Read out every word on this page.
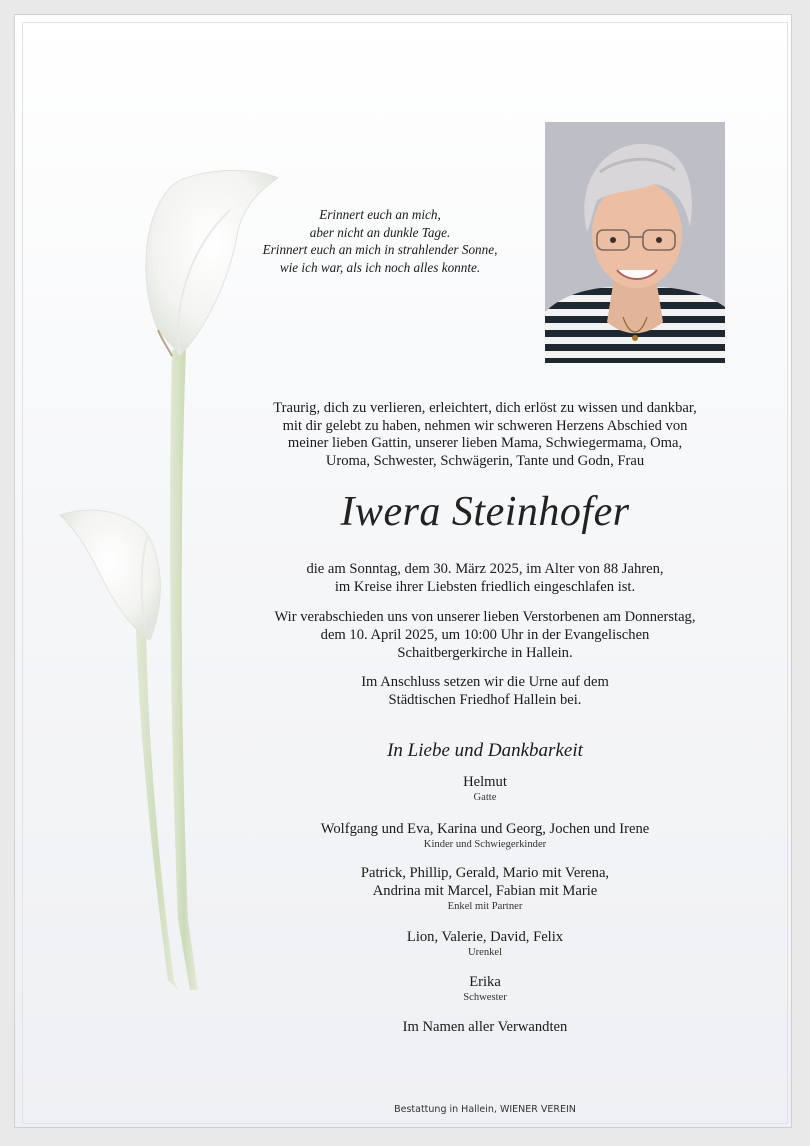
Erinnert euch an mich,
aber nicht an dunkle Tage.
Erinnert euch an mich in strahlender Sonne,
wie ich war, als ich noch alles konnte.
Traurig, dich zu verlieren, erleichtert, dich erlöst zu wissen und dankbar,
mit dir gelebt zu haben, nehmen wir schweren Herzens Abschied von
meiner lieben Gattin, unserer lieben Mama, Schwiegermama, Oma,
Uroma, Schwester, Schwägerin, Tante und Godn, Frau
Iwera Steinhofer
die am Sonntag, dem 30. März 2025, im Alter von 88 Jahren,
im Kreise ihrer Liebsten friedlich eingeschlafen ist.
Wir verabschieden uns von unserer lieben Verstorbenen am Donnerstag,
dem 10. April 2025, um 10:00 Uhr in der Evangelischen
Schaitbergerkirche in Hallein.
Im Anschluss setzen wir die Urne auf dem
Städtischen Friedhof Hallein bei.
In Liebe und Dankbarkeit
Helmut
Gatte
Wolfgang und Eva, Karina und Georg, Jochen und Irene
Kinder und Schwiegerkinder
Patrick, Phillip, Gerald, Mario mit Verena,
Andrina mit Marcel, Fabian mit Marie
Enkel mit Partner
Lion, Valerie, David, Felix
Urenkel
Erika
Schwester
Im Namen aller Verwandten
Bestattung in Hallein, WIENER VEREIN
